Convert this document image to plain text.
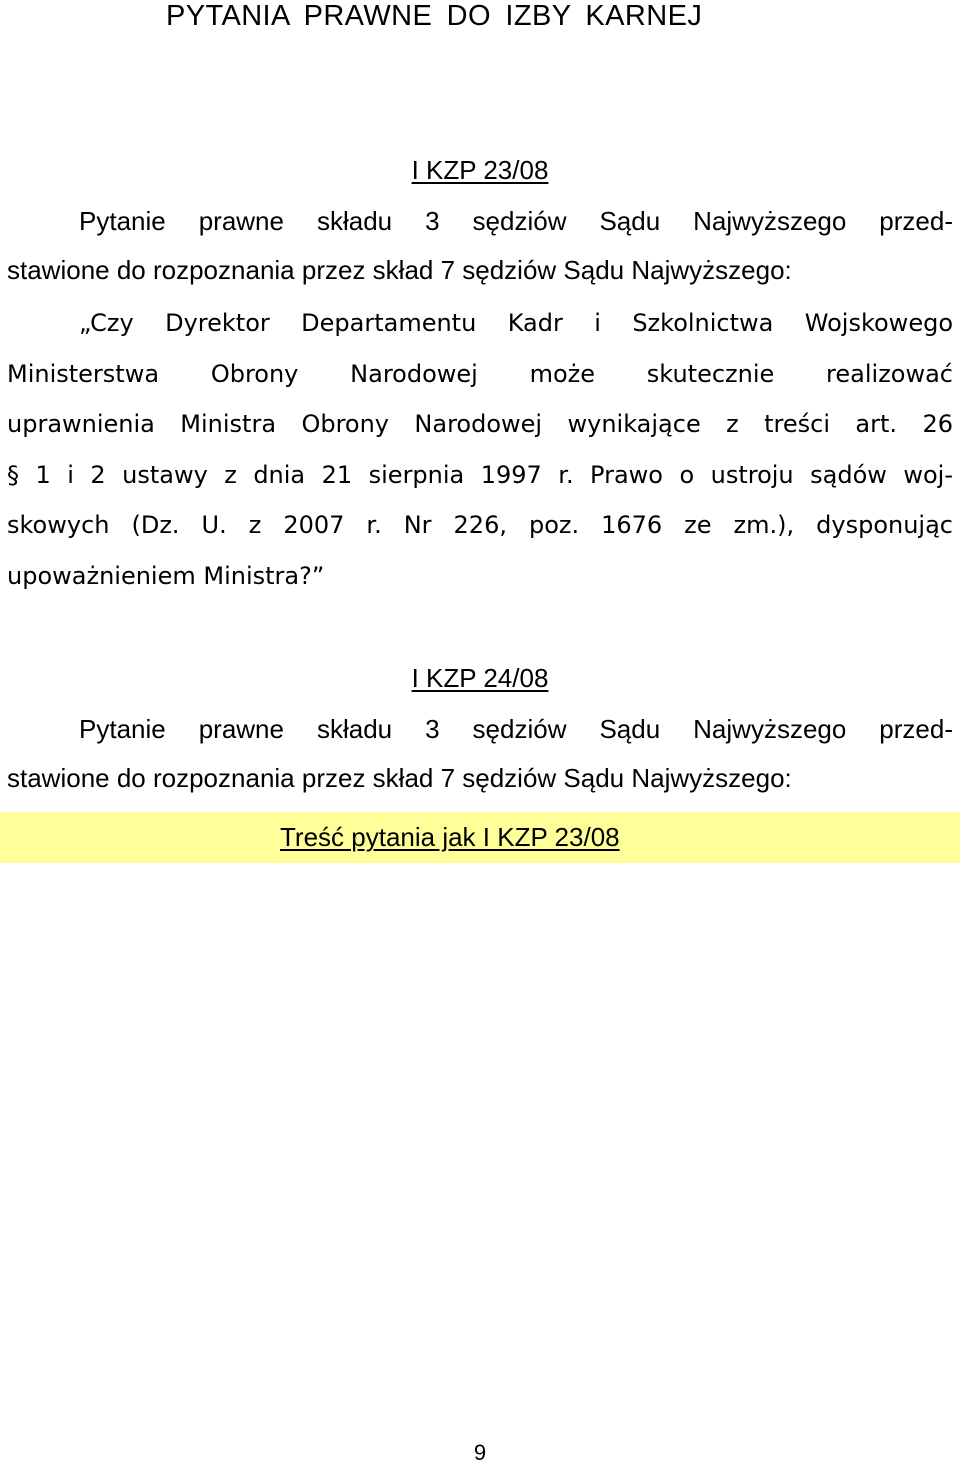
PYTANIA PRAWNE DO IZBY KARNEJ
I KZP 23/08
Pytanie prawne składu 3 sędziów Sądu Najwyższego przed-
stawione do rozpoznania przez skład 7 sędziów Sądu Najwyższego:
„Czy Dyrektor Departamentu Kadr i Szkolnictwa Wojskowego
Ministerstwa Obrony Narodowej może skutecznie realizować
uprawnienia Ministra Obrony Narodowej wynikające z treści art. 26
§ 1 i 2 ustawy z dnia 21 sierpnia 1997 r. Prawo o ustroju sądów woj-
skowych (Dz. U. z 2007 r. Nr 226, poz. 1676 ze zm.), dysponując
upoważnieniem Ministra?”
I KZP 24/08
Pytanie prawne składu 3 sędziów Sądu Najwyższego przed-
stawione do rozpoznania przez skład 7 sędziów Sądu Najwyższego:
Treść pytania jak I KZP 23/08
9
